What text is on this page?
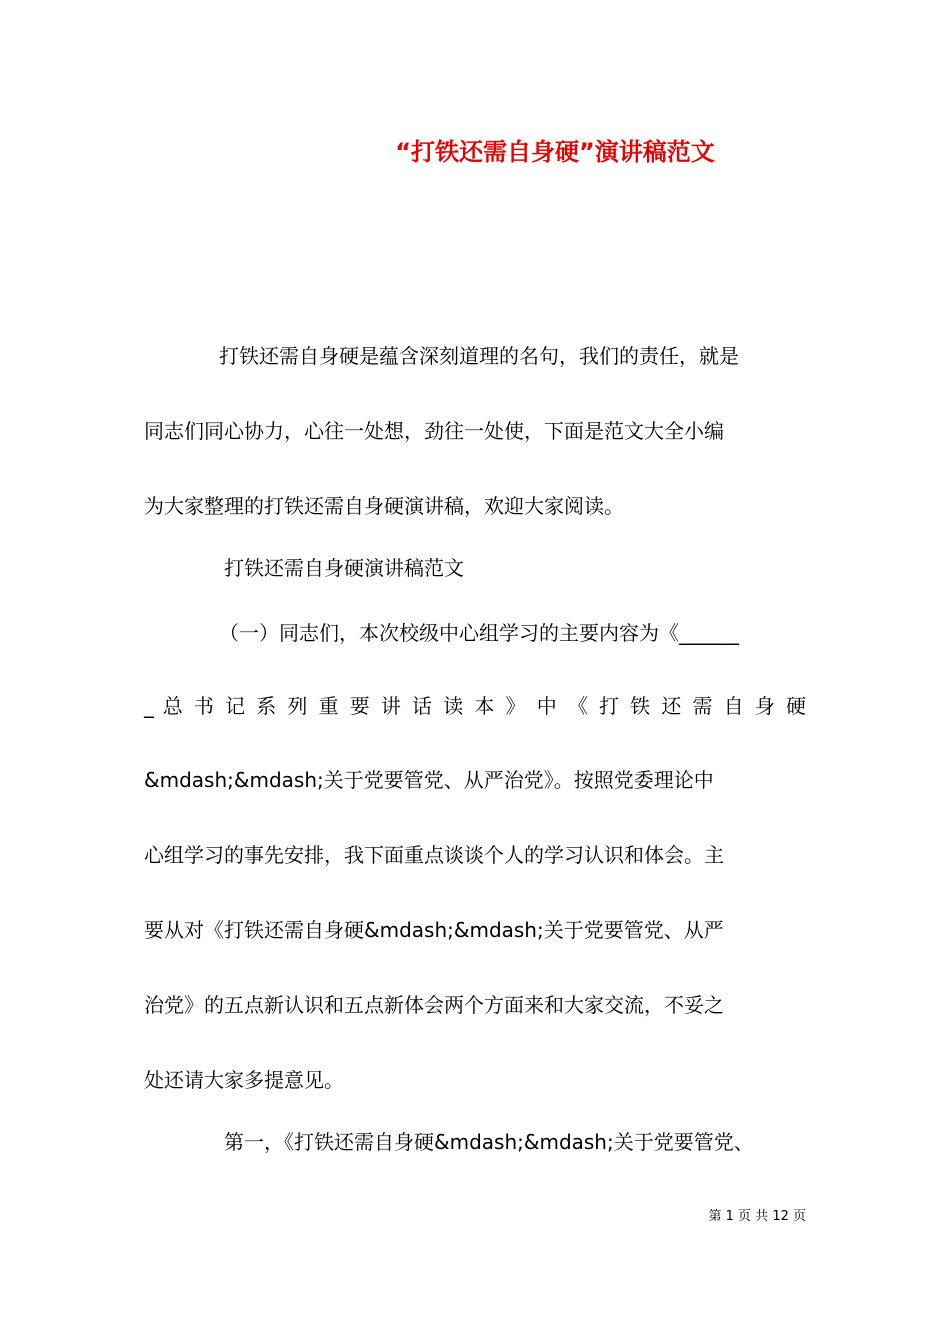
“打铁还需自身硬”演讲稿范文
打铁还需自身硬是蕴含深刻道理的名句，我们的责任，就是
同志们同心协力，心往一处想，劲往一处使，下面是范文大全小编
为大家整理的打铁还需自身硬演讲稿，欢迎大家阅读。
打铁还需自身硬演讲稿范文
（一）同志们，本次校级中心组学习的主要内容为《______
_ 总 书 记 系 列 重 要 讲 话 读 本 》 中 《 打 铁 还 需 自 身 硬
&mdash;&mdash;关于党要管党、从严治党》。按照党委理论中
心组学习的事先安排，我下面重点谈谈个人的学习认识和体会。主
要从对《打铁还需自身硬&mdash;&mdash;关于党要管党、从严
治党》的五点新认识和五点新体会两个方面来和大家交流，不妥之
处还请大家多提意见。
第一，《打铁还需自身硬&mdash;&mdash;关于党要管党、
第 1 页 共 12 页
